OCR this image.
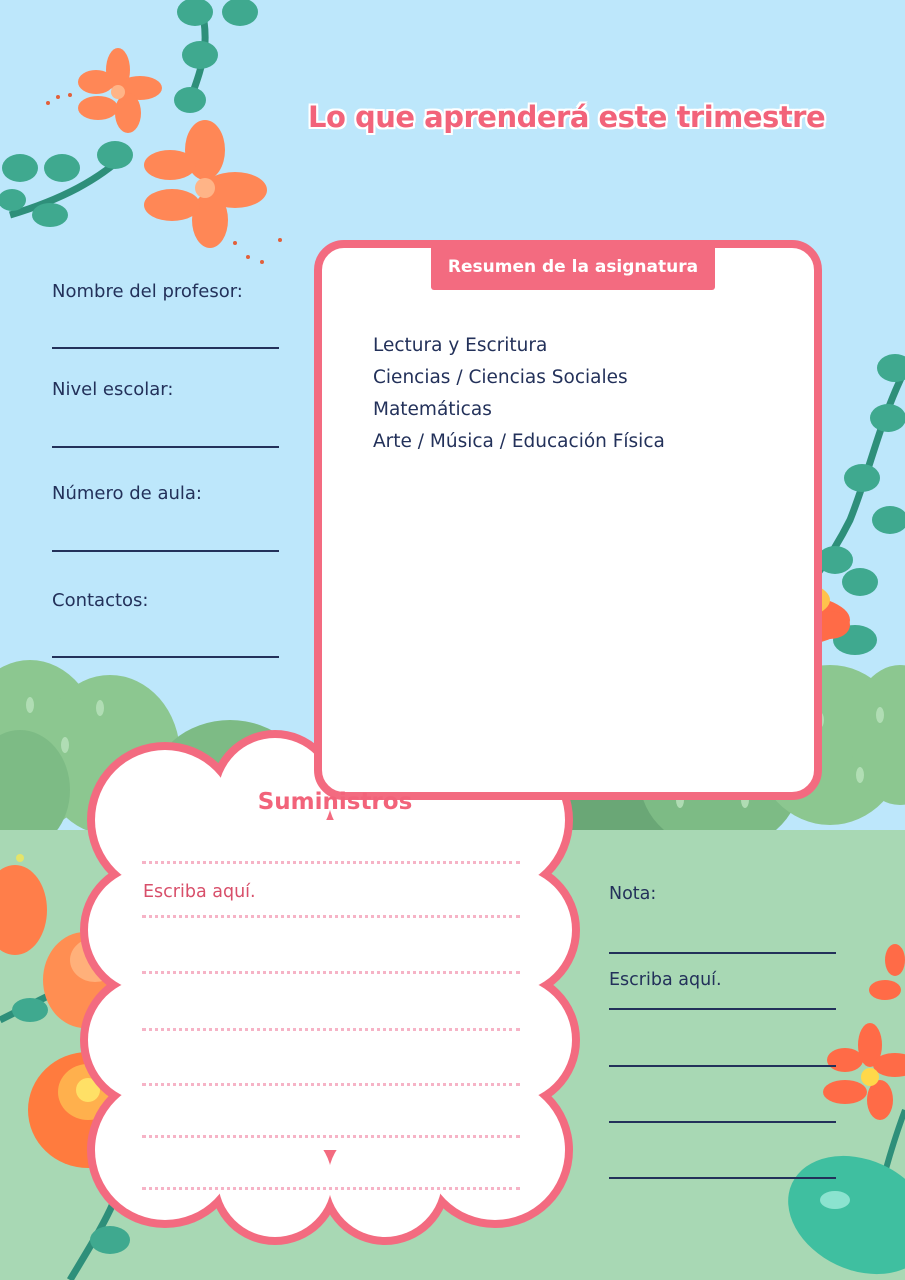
Lo que aprenderá este trimestre
Nombre del profesor:
Nivel escolar:
Número de aula:
Contactos:
Resumen de la asignatura
Lectura y Escritura
Ciencias / Ciencias Sociales
Matemáticas
Arte / Música / Educación Física
Suministros
Escriba aquí.	Nota:
Escriba aquí.
